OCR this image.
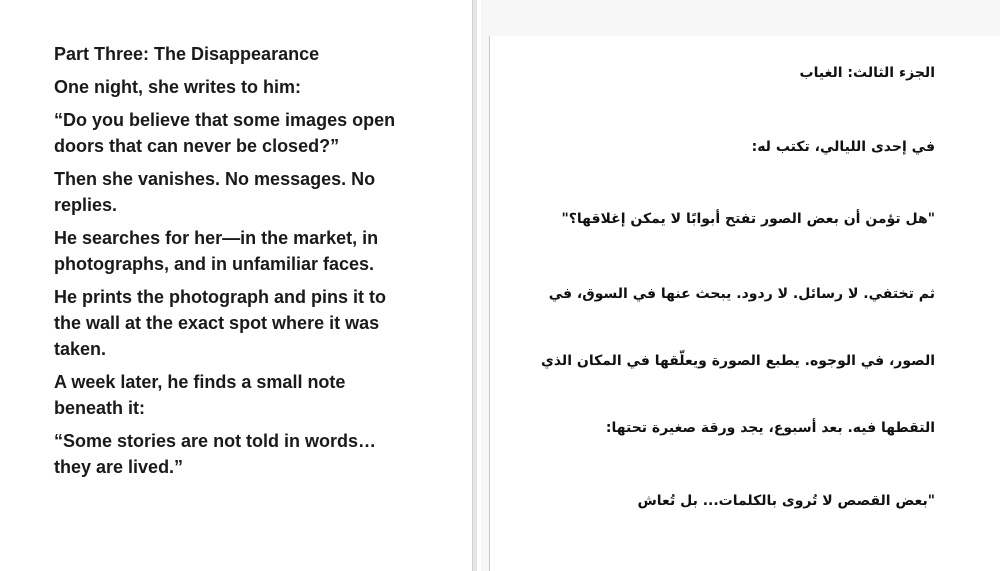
Part Three: The Disappearance

One night, she writes to him:

“Do you believe that some images open doors that can never be closed?”

Then she vanishes. No messages. No replies.

He searches for her—in the market, in photographs, and in unfamiliar faces.

He prints the photograph and pins it to the wall at the exact spot where it was taken.

A week later, he finds a small note beneath it:

“Some stories are not told in words… they are lived.”

الجزء الثالث: الغياب
في إحدى الليالي، تكتب له:
"هل تؤمن أن بعض الصور تفتح أبوابًا لا يمكن إغلاقها؟"
ثم تختفي. لا رسائل. لا ردود. يبحث عنها في السوق، في
الصور، في الوجوه. يطبع الصورة ويعلّقها في المكان الذي
التقطها فيه. بعد أسبوع، يجد ورقة صغيرة تحتها:
"بعض القصص لا تُروى بالكلمات... بل تُعاش
